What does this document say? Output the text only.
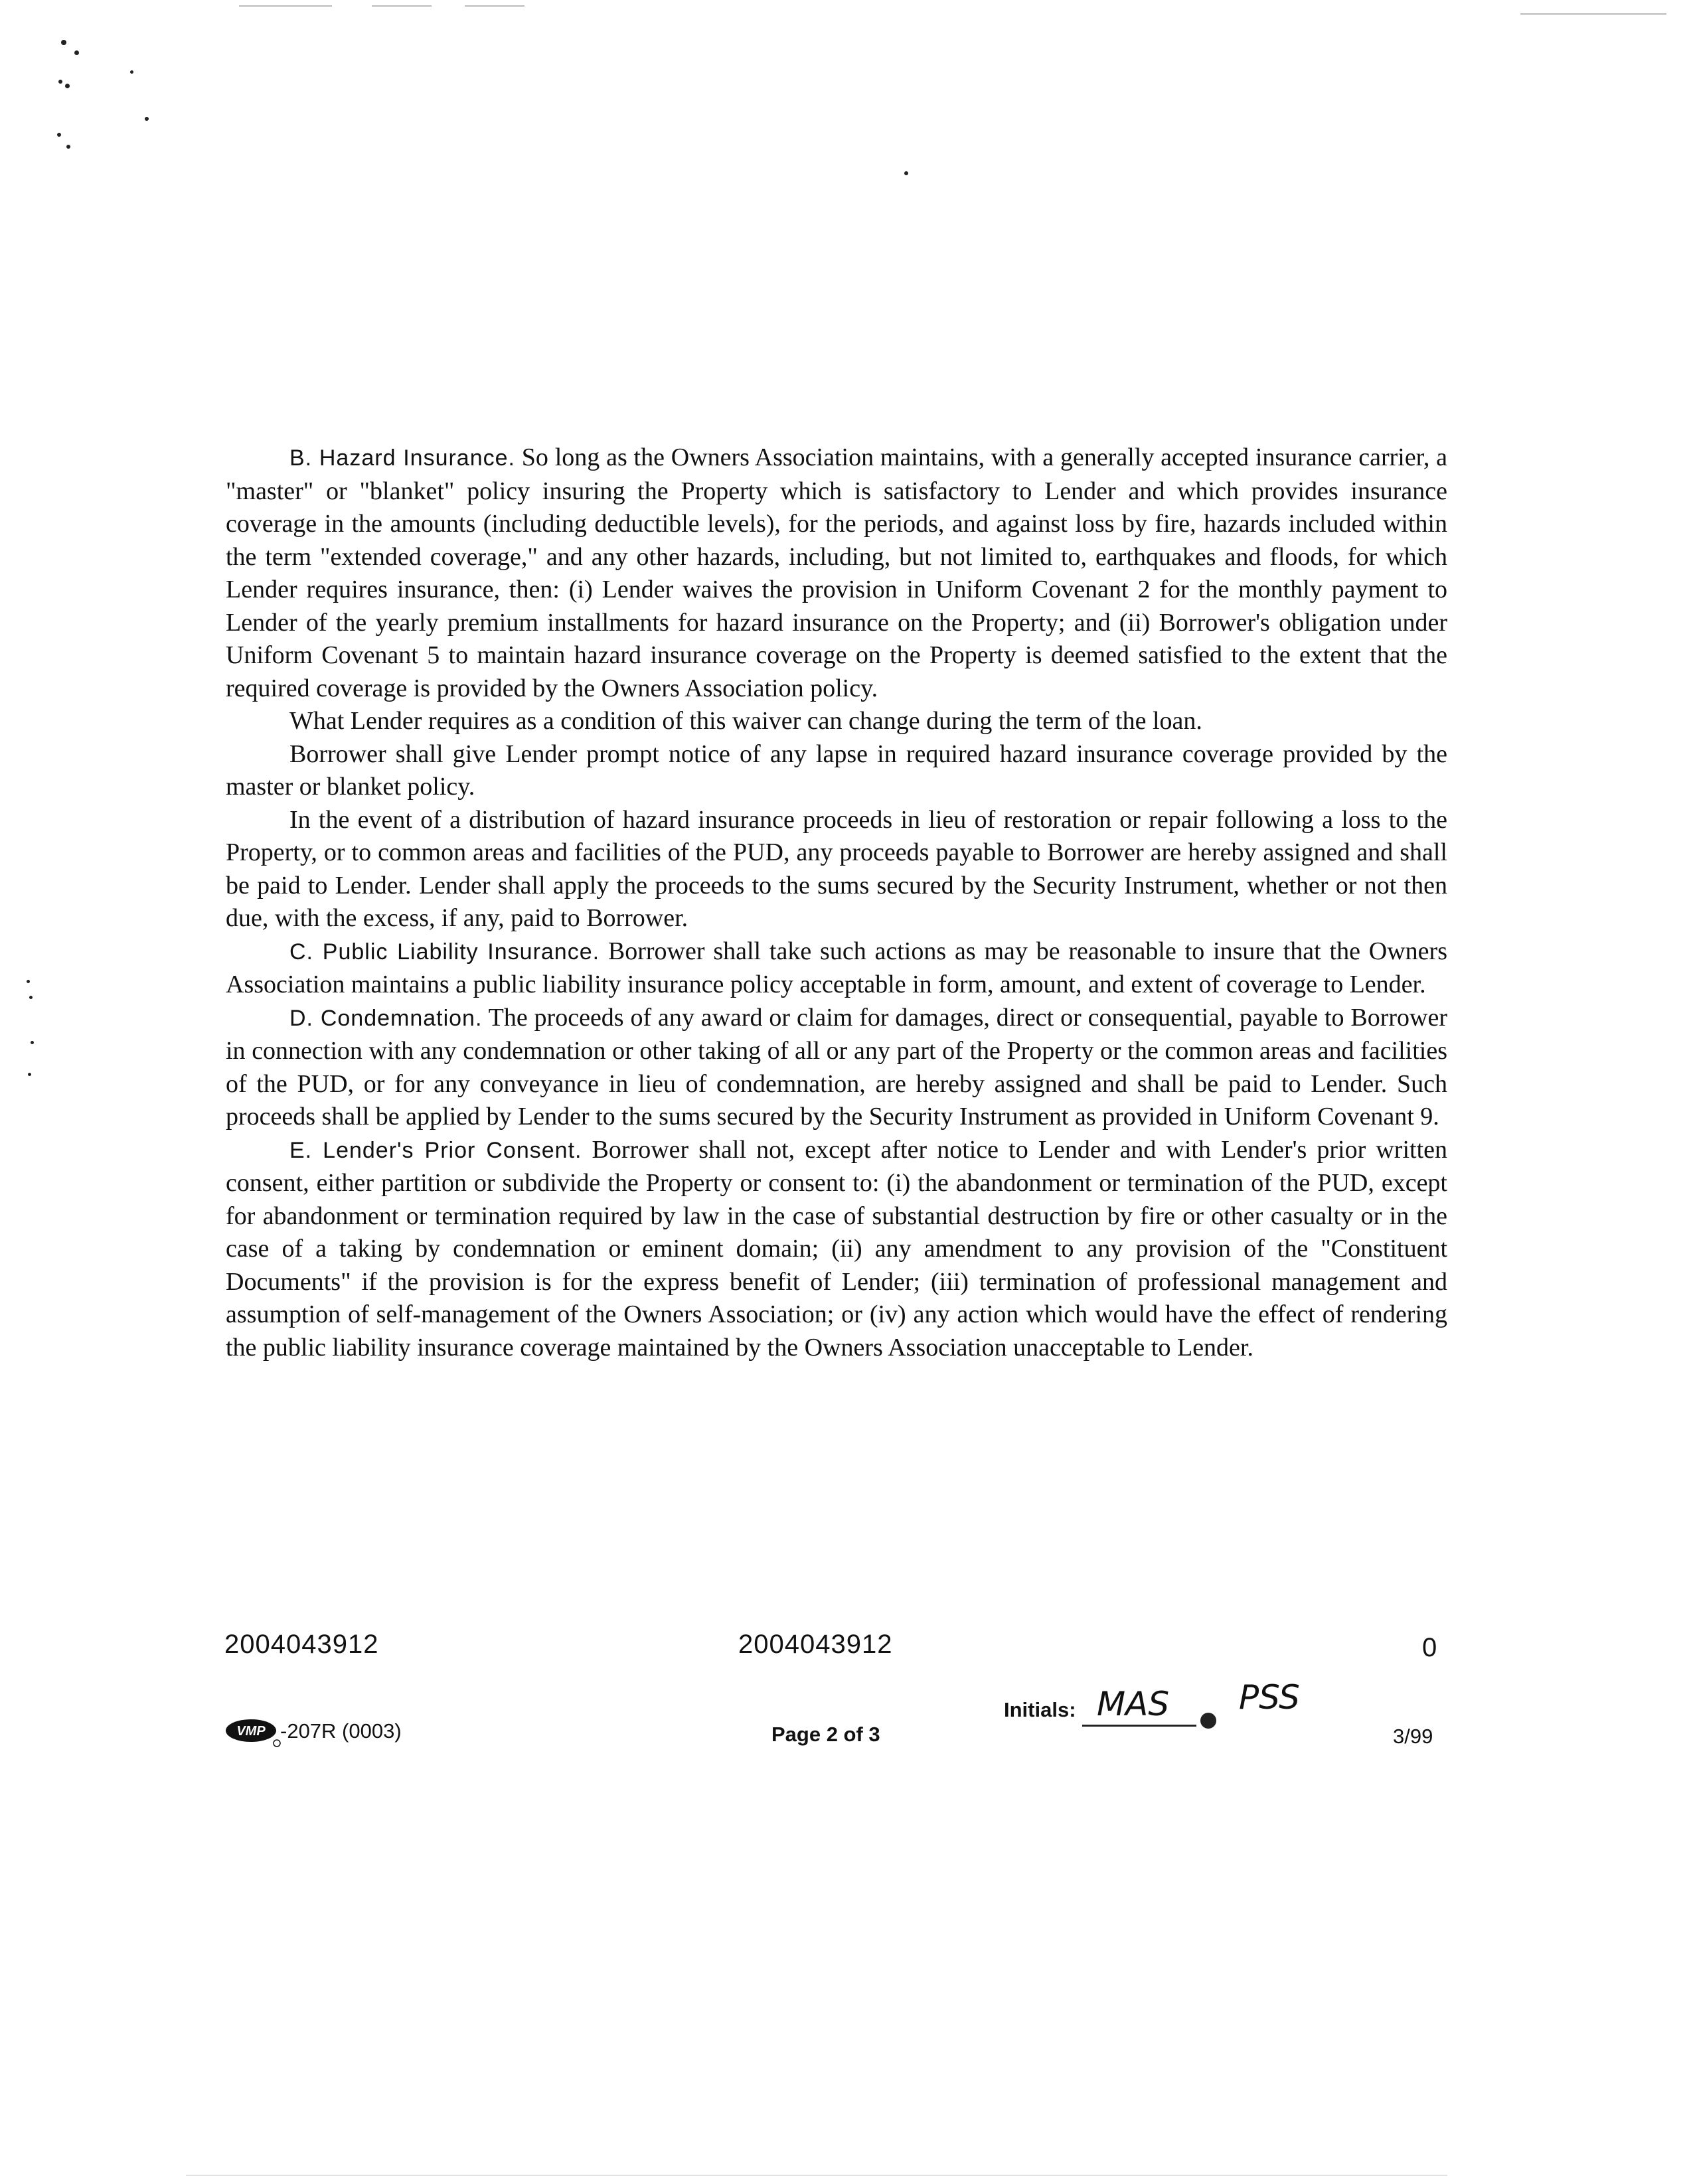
B. Hazard Insurance. So long as the Owners Association maintains, with a generally accepted insurance carrier, a "master" or "blanket" policy insuring the Property which is satisfactory to Lender and which provides insurance coverage in the amounts (including deductible levels), for the periods, and against loss by fire, hazards included within the term "extended coverage," and any other hazards, including, but not limited to, earthquakes and floods, for which Lender requires insurance, then: (i) Lender waives the provision in Uniform Covenant 2 for the monthly payment to Lender of the yearly premium installments for hazard insurance on the Property; and (ii) Borrower's obligation under Uniform Covenant 5 to maintain hazard insurance coverage on the Property is deemed satisfied to the extent that the required coverage is provided by the Owners Association policy.

What Lender requires as a condition of this waiver can change during the term of the loan.

Borrower shall give Lender prompt notice of any lapse in required hazard insurance coverage provided by the master or blanket policy.

In the event of a distribution of hazard insurance proceeds in lieu of restoration or repair following a loss to the Property, or to common areas and facilities of the PUD, any proceeds payable to Borrower are hereby assigned and shall be paid to Lender. Lender shall apply the proceeds to the sums secured by the Security Instrument, whether or not then due, with the excess, if any, paid to Borrower.

C. Public Liability Insurance. Borrower shall take such actions as may be reasonable to insure that the Owners Association maintains a public liability insurance policy acceptable in form, amount, and extent of coverage to Lender.

D. Condemnation. The proceeds of any award or claim for damages, direct or consequential, payable to Borrower in connection with any condemnation or other taking of all or any part of the Property or the common areas and facilities of the PUD, or for any conveyance in lieu of condemnation, are hereby assigned and shall be paid to Lender. Such proceeds shall be applied by Lender to the sums secured by the Security Instrument as provided in Uniform Covenant 9.

E. Lender's Prior Consent. Borrower shall not, except after notice to Lender and with Lender's prior written consent, either partition or subdivide the Property or consent to: (i) the abandonment or termination of the PUD, except for abandonment or termination required by law in the case of substantial destruction by fire or other casualty or in the case of a taking by condemnation or eminent domain; (ii) any amendment to any provision of the "Constituent Documents" if the provision is for the express benefit of Lender; (iii) termination of professional management and assumption of self-management of the Owners Association; or (iv) any action which would have the effect of rendering the public liability insurance coverage maintained by the Owners Association unacceptable to Lender.

2004043912	2004043912	0
VMP -207R (0003)	Page 2 of 3
Initials: MAS PSS
3/99
